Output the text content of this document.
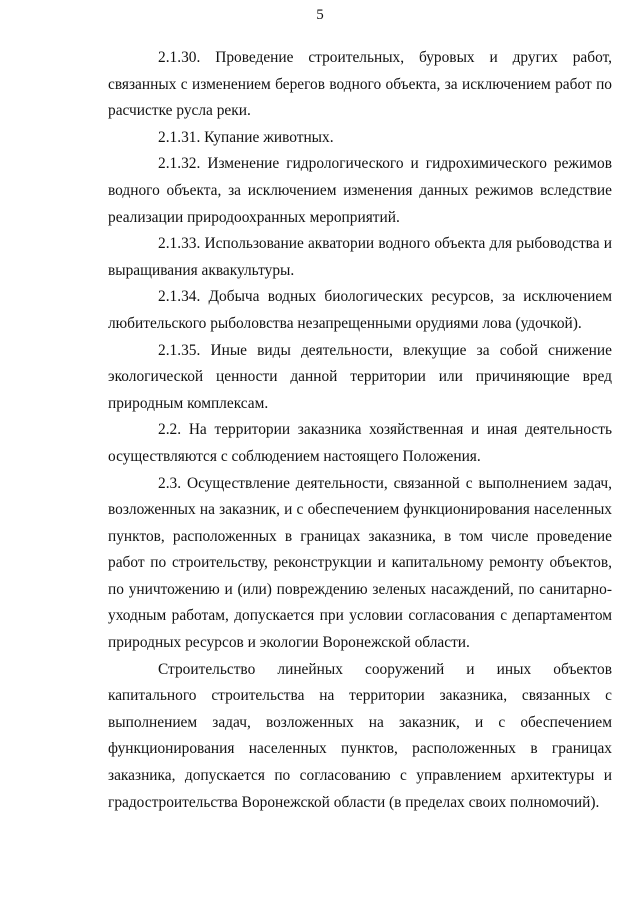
5

2.1.30. Проведение строительных, буровых и других работ, связанных с изменением берегов водного объекта, за исключением работ по расчистке русла реки.

2.1.31. Купание животных.

2.1.32. Изменение гидрологического и гидрохимического режимов водного объекта, за исключением изменения данных режимов вследствие реализации природоохранных мероприятий.

2.1.33. Использование акватории водного объекта для рыбоводства и выращивания аквакультуры.

2.1.34. Добыча водных биологических ресурсов, за исключением любительского рыболовства незапрещенными орудиями лова (удочкой).

2.1.35. Иные виды деятельности, влекущие за собой снижение экологической ценности данной территории или причиняющие вред природным комплексам.

2.2. На территории заказника хозяйственная и иная деятельность осуществляются с соблюдением настоящего Положения.

2.3. Осуществление деятельности, связанной с выполнением задач, возложенных на заказник, и с обеспечением функционирования населенных пунктов, расположенных в границах заказника, в том числе проведение работ по строительству, реконструкции и капитальному ремонту объектов, по уничтожению и (или) повреждению зеленых насаждений, по санитарно-уходным работам, допускается при условии согласования с департаментом природных ресурсов и экологии Воронежской области.

Строительство линейных сооружений и иных объектов капитального строительства на территории заказника, связанных с выполнением задач, возложенных на заказник, и с обеспечением функционирования населенных пунктов, расположенных в границах заказника, допускается по согласованию с управлением архитектуры и градостроительства Воронежской области (в пределах своих полномочий).
